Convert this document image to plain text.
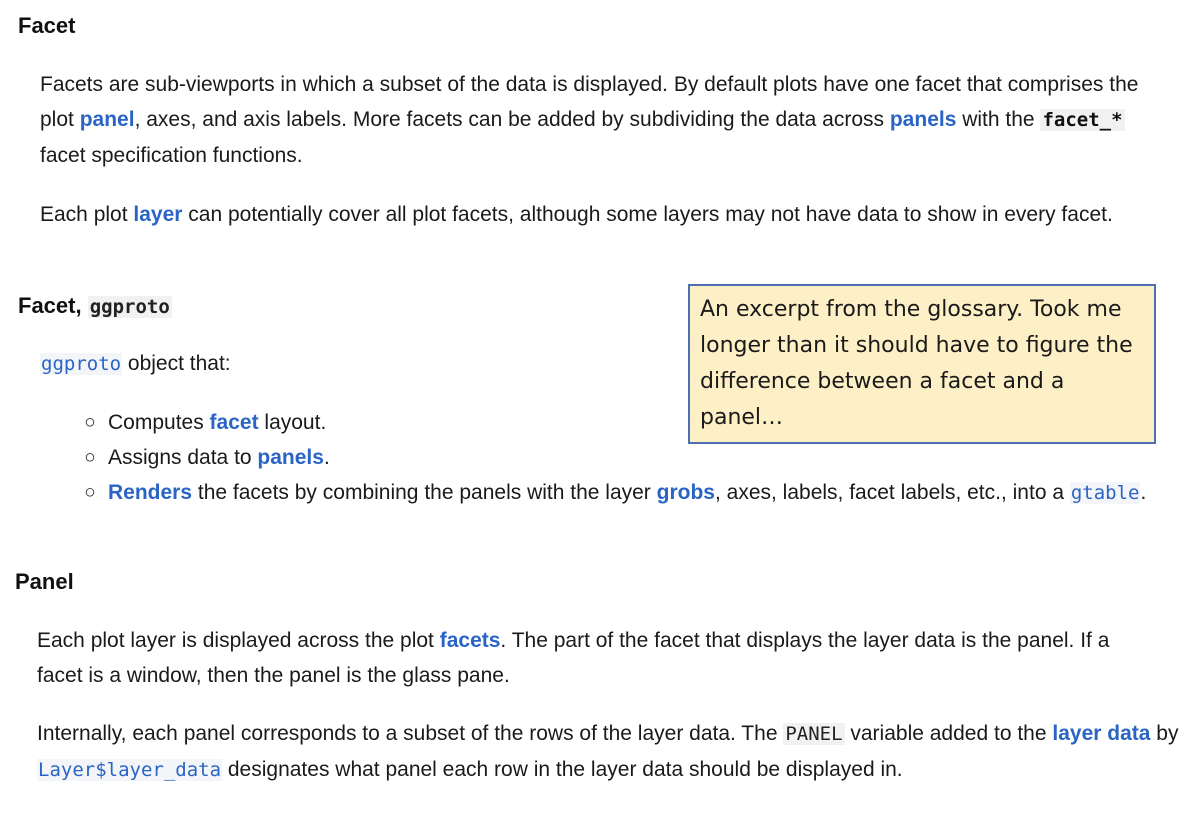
Facet

Facets are sub-viewports in which a subset of the data is displayed. By default plots have one facet that comprises the plot panel, axes, and axis labels. More facets can be added by subdividing the data across panels with the facet_* facet specification functions.

Each plot layer can potentially cover all plot facets, although some layers may not have data to show in every facet.

Facet, ggproto

ggproto object that:

○ Computes facet layout.
○ Assigns data to panels.
○ Renders the facets by combining the panels with the layer grobs, axes, labels, facet labels, etc., into a gtable.
Panel

Each plot layer is displayed across the plot facets. The part of the facet that displays the layer data is the panel. If a facet is a window, then the panel is the glass pane.

Internally, each panel corresponds to a subset of the rows of the layer data. The PANEL variable added to the layer data by Layer$layer_data designates what panel each row in the layer data should be displayed in.

An excerpt from the glossary. Took me longer than it should have to figure the difference between a facet and a panel…
